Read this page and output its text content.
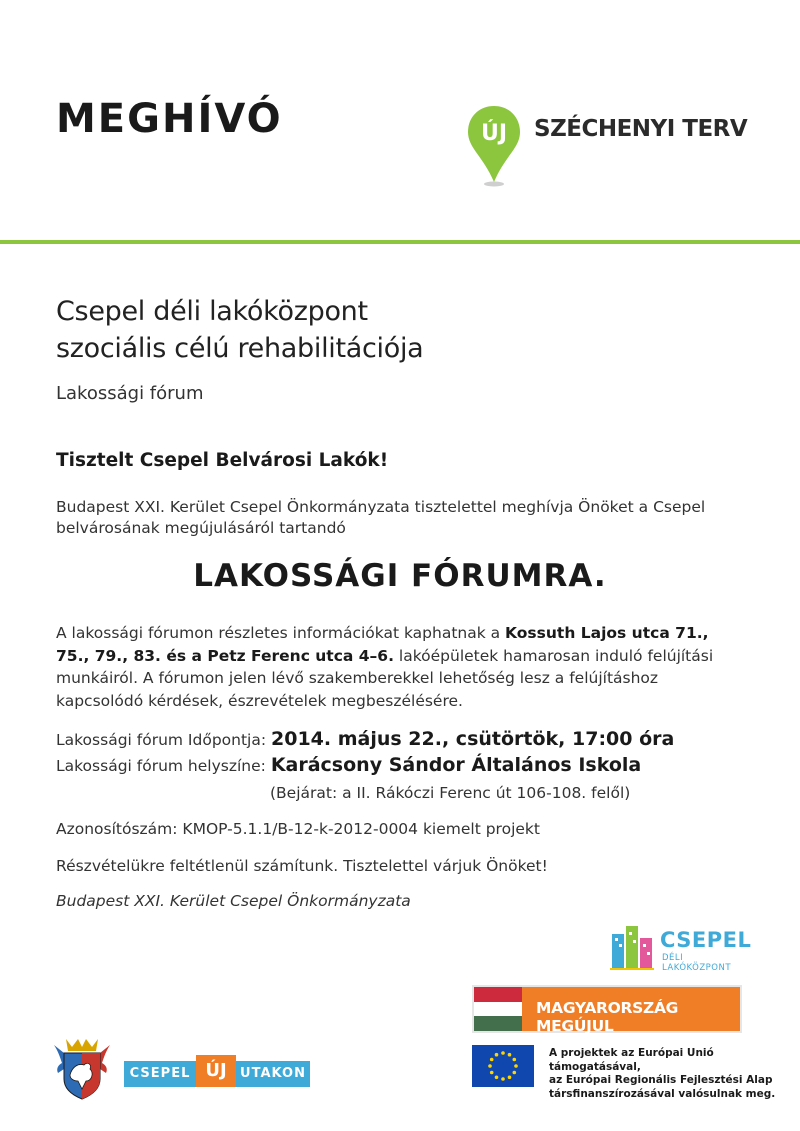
MEGHÍVÓ	ÚJ SZÉCHENYI TERV
Csepel déli lakóközpont
szociális célú rehabilitációja
Lakossági fórum
Tisztelt Csepel Belvárosi Lakók!
Budapest XXI. Kerület Csepel Önkormányzata tisztelettel meghívja Önöket a Csepel belvárosának megújulásáról tartandó
LAKOSSÁGI FÓRUMRA.
A lakossági fórumon részletes információkat kaphatnak a Kossuth Lajos utca 71., 75., 79., 83. és a Petz Ferenc utca 4–6. lakóépületek hamarosan induló felújítási munkáiról. A fórumon jelen lévő szakemberekkel lehetőség lesz a felújításhoz kapcsolódó kérdések, észrevételek megbeszélésére.
Lakossági fórum Időpontja: 2014. május 22., csütörtök, 17:00 óra
Lakossági fórum helyszíne: Karácsony Sándor Általános Iskola
(Bejárat: a II. Rákóczi Ferenc út 106-108. felől)
Azonosítószám: KMOP-5.1.1/B-12-k-2012-0004 kiemelt projekt
Részvételükre feltétlenül számítunk. Tisztelettel várjuk Önöket!
Budapest XXI. Kerület Csepel Önkormányzata
CSEPEL
DÉLI LAKÓKÖZPONT
MAGYARORSZÁG MEGÚJUL
A projektek az Európai Unió támogatásával,
az Európai Regionális Fejlesztési Alap
társfinanszírozásával valósulnak meg.
CSEPEL ÚJ	UTAKON
